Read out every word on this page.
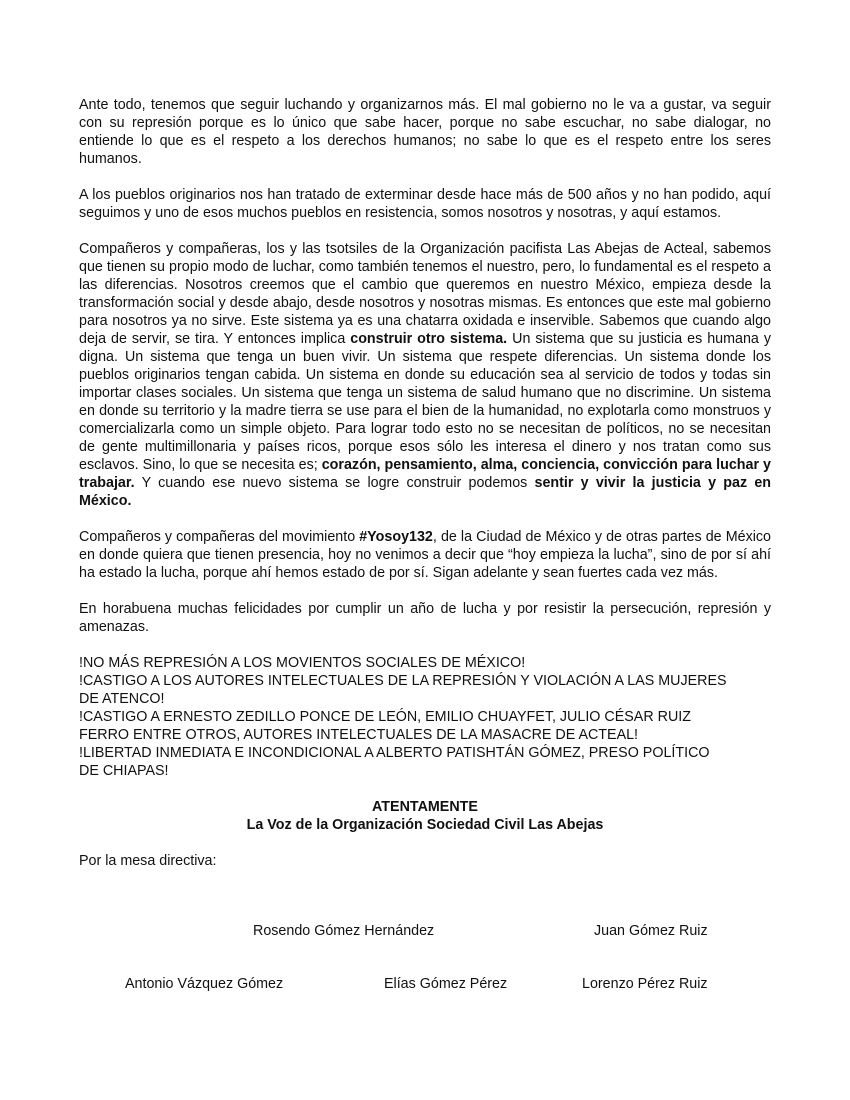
Ante todo, tenemos que seguir luchando y organizarnos más. El mal gobierno no le va a gustar, va seguir con su represión porque es lo único que sabe hacer, porque no sabe escuchar, no sabe dialogar, no entiende lo que es el respeto a los derechos humanos; no sabe lo que es el respeto entre los seres humanos.

A los pueblos originarios nos han tratado de exterminar desde hace más de 500 años y no han podido, aquí seguimos y uno de esos muchos pueblos en resistencia, somos nosotros y nosotras, y aquí estamos.

Compañeros y compañeras, los y las tsotsiles de la Organización pacifista Las Abejas de Acteal, sabemos que tienen su propio modo de luchar, como también tenemos el nuestro, pero, lo fundamental es el respeto a las diferencias. Nosotros creemos que el cambio que queremos en nuestro México, empieza desde la transformación social y desde abajo, desde nosotros y nosotras mismas. Es entonces que este mal gobierno para nosotros ya no sirve. Este sistema ya es una chatarra oxidada e inservible. Sabemos que cuando algo deja de servir, se tira. Y entonces implica construir otro sistema. Un sistema que su justicia es humana y digna. Un sistema que tenga un buen vivir. Un sistema que respete diferencias. Un sistema donde los pueblos originarios tengan cabida. Un sistema en donde su educación sea al servicio de todos y todas sin importar clases sociales. Un sistema que tenga un sistema de salud humano que no discrimine. Un sistema en donde su territorio y la madre tierra se use para el bien de la humanidad, no explotarla como monstruos y comercializarla como un simple objeto. Para lograr todo esto no se necesitan de políticos, no se necesitan de gente multimillonaria y países ricos, porque esos sólo les interesa el dinero y nos tratan como sus esclavos. Sino, lo que se necesita es; corazón, pensamiento, alma, conciencia, convicción para luchar y trabajar. Y cuando ese nuevo sistema se logre construir podemos sentir y vivir la justicia y paz en México.

Compañeros y compañeras del movimiento #Yosoy132, de la Ciudad de México y de otras partes de México en donde quiera que tienen presencia, hoy no venimos a decir que “hoy empieza la lucha”, sino de por sí ahí ha estado la lucha, porque ahí hemos estado de por sí. Sigan adelante y sean fuertes cada vez más.

En horabuena muchas felicidades por cumplir un año de lucha y por resistir la persecución, represión y amenazas.

!NO MÁS REPRESIÓN A LOS MOVIENTOS SOCIALES DE MÉXICO!

!CASTIGO A LOS AUTORES INTELECTUALES DE LA REPRESIÓN Y VIOLACIÓN A LAS MUJERES

DE ATENCO!

!CASTIGO A ERNESTO ZEDILLO PONCE DE LEÓN, EMILIO CHUAYFET, JULIO CÉSAR RUIZ

FERRO ENTRE OTROS, AUTORES INTELECTUALES DE LA MASACRE DE ACTEAL!

!LIBERTAD INMEDIATA E INCONDICIONAL A ALBERTO PATISHTÁN GÓMEZ, PRESO POLÍTICO

DE CHIAPAS!

ATENTAMENTE

La Voz de la Organización Sociedad Civil Las Abejas

Por la mesa directiva:

Rosendo Gómez Hernández	Juan Gómez Ruiz
Antonio Vázquez Gómez	Elías Gómez Pérez	Lorenzo Pérez Ruiz
